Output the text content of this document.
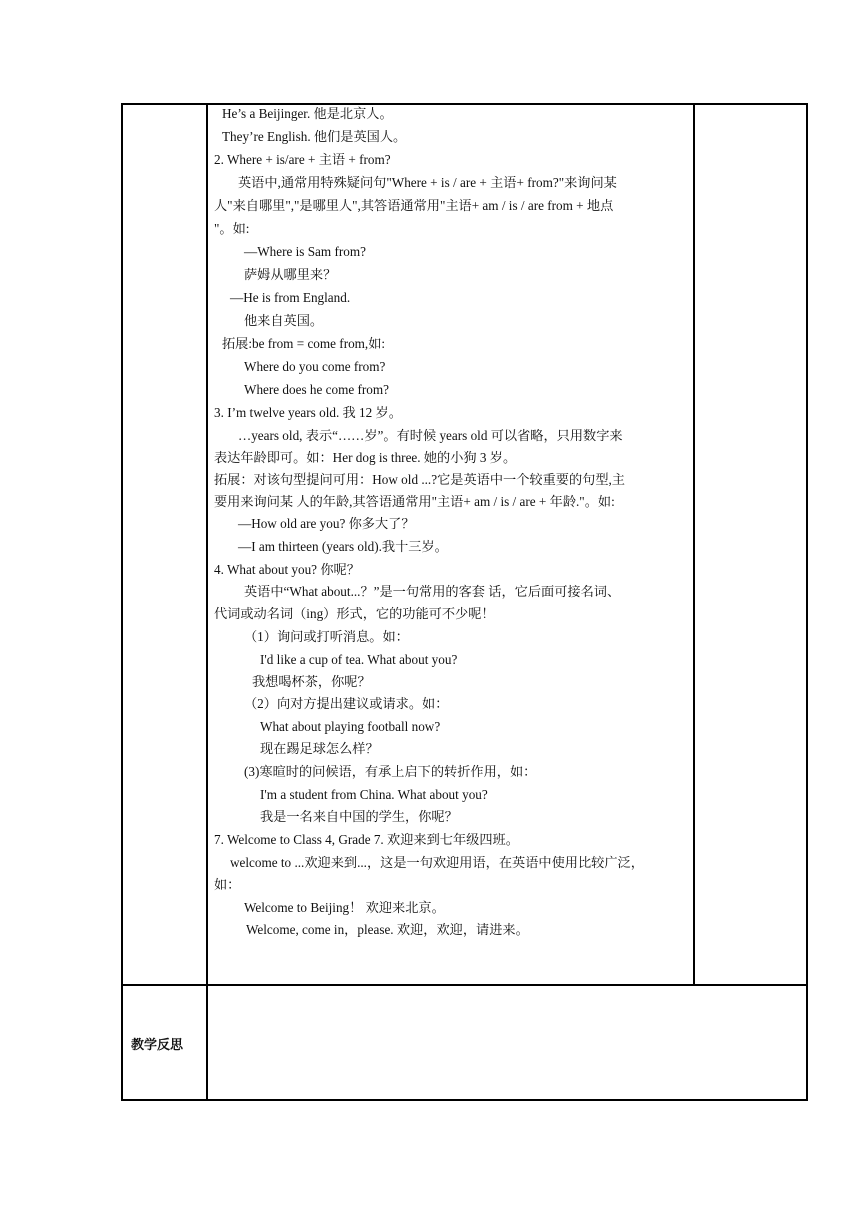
He’s a Beijinger. 他是北京人。
They’re English. 他们是英国人。
2. Where + is/are + 主语 + from?
英语中,通常用特殊疑问句"Where + is / are + 主语+ from?"来询问某
人"来自哪里","是哪里人",其答语通常用"主语+ am / is / are from + 地点
"。如:
—Where is Sam from?
萨姆从哪里来？
—He is from England.
他来自英国。
拓展:be from = come from,如:
Where do you come from?
Where does he come from?
3. I’m twelve years old. 我 12 岁。
…years old, 表示“……岁”。有时候 years old 可以省略，只用数字来
表达年龄即可。如：Her dog is three. 她的小狗 3 岁。
拓展：对该句型提问可用：How old ...?它是英语中一个较重要的句型,主
要用来询问某 人的年龄,其答语通常用"主语+ am / is / are + 年龄."。如:
—How old are you? 你多大了？
—I am thirteen (years old).我十三岁。
4. What about you? 你呢？
英语中“What about...？”是一句常用的客套 话，它后面可接名词、
代词或动名词（ing）形式，它的功能可不少呢！
（1）询问或打听消息。如：
I'd like a cup of tea. What about you?
我想喝杯茶，你呢？
（2）向对方提出建议或请求。如：
What about playing football now?
现在踢足球怎么样？
(3)寒暄时的问候语，有承上启下的转折作用，如：
I'm a student from China. What about you?
我是一名来自中国的学生，你呢？
7. Welcome to Class 4, Grade 7. 欢迎来到七年级四班。
welcome to ...欢迎来到...，这是一句欢迎用语，在英语中使用比较广泛，
如：
Welcome to Beijing！ 欢迎来北京。
Welcome, come in，please. 欢迎，欢迎，请进来。
教学反思
